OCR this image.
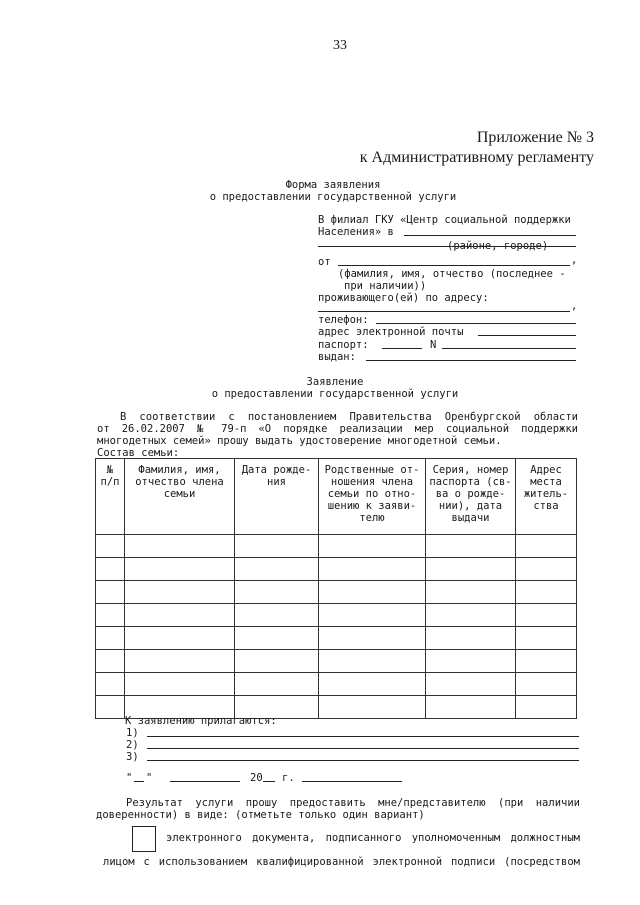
33
Приложение № 3
к Административному регламенту
Форма заявления
о предоставлении государственной услуги
В филиал ГКУ «Центр социальной поддержки
Населения» в
(районе, городе)
от	,
(фамилия, имя, отчество (последнее -
при наличии))
проживающего(ей) по адресу:
,
телефон:
адрес электронной почты
паспорт:	N
выдан:
Заявление
о предоставлении государственной услуги
В соответствии с постановлением Правительства Оренбургской области
от 26.02.2007 № 79-п «О порядке реализации мер социальной поддержки
многодетных семей» прошу выдать удостоверение многодетной семьи.
Состав семьи:
№ п/п	Фамилия, имя, отчество члена семьи	Дата рожде-ния	Родственные от-ношения члена семьи по отно-шению к заяви-телю	Серия, номер паспорта (св-ва о рожде-нии), дата выдачи	Адрес места житель-ства

К заявлению прилагаются:
1)
2)
3)
" "	20 г.
Результат услуги прошу предоставить мне/представителю (при наличии
доверенности) в виде: (отметьте только один вариант)
электронного документа, подписанного уполномоченным должностным
лицом с использованием квалифицированной электронной подписи (посредством
